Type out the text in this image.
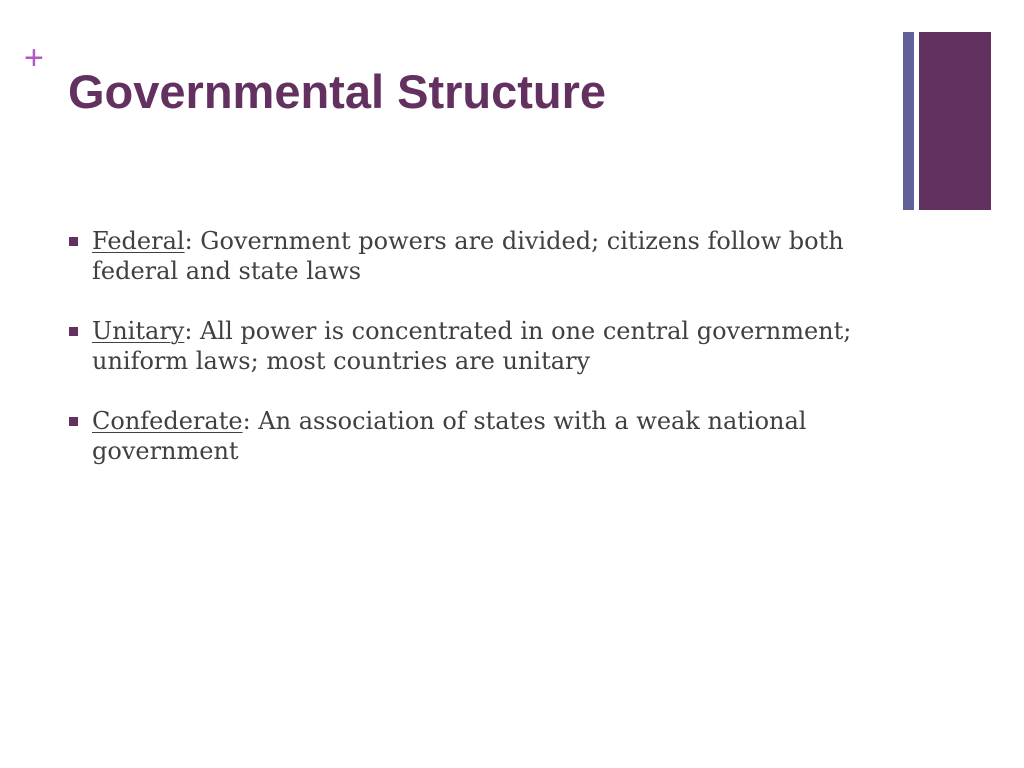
+
Governmental Structure
Federal: Government powers are divided; citizens follow both federal and state laws
Unitary: All power is concentrated in one central government; uniform laws; most countries are unitary
Confederate: An association of states with a weak national government
